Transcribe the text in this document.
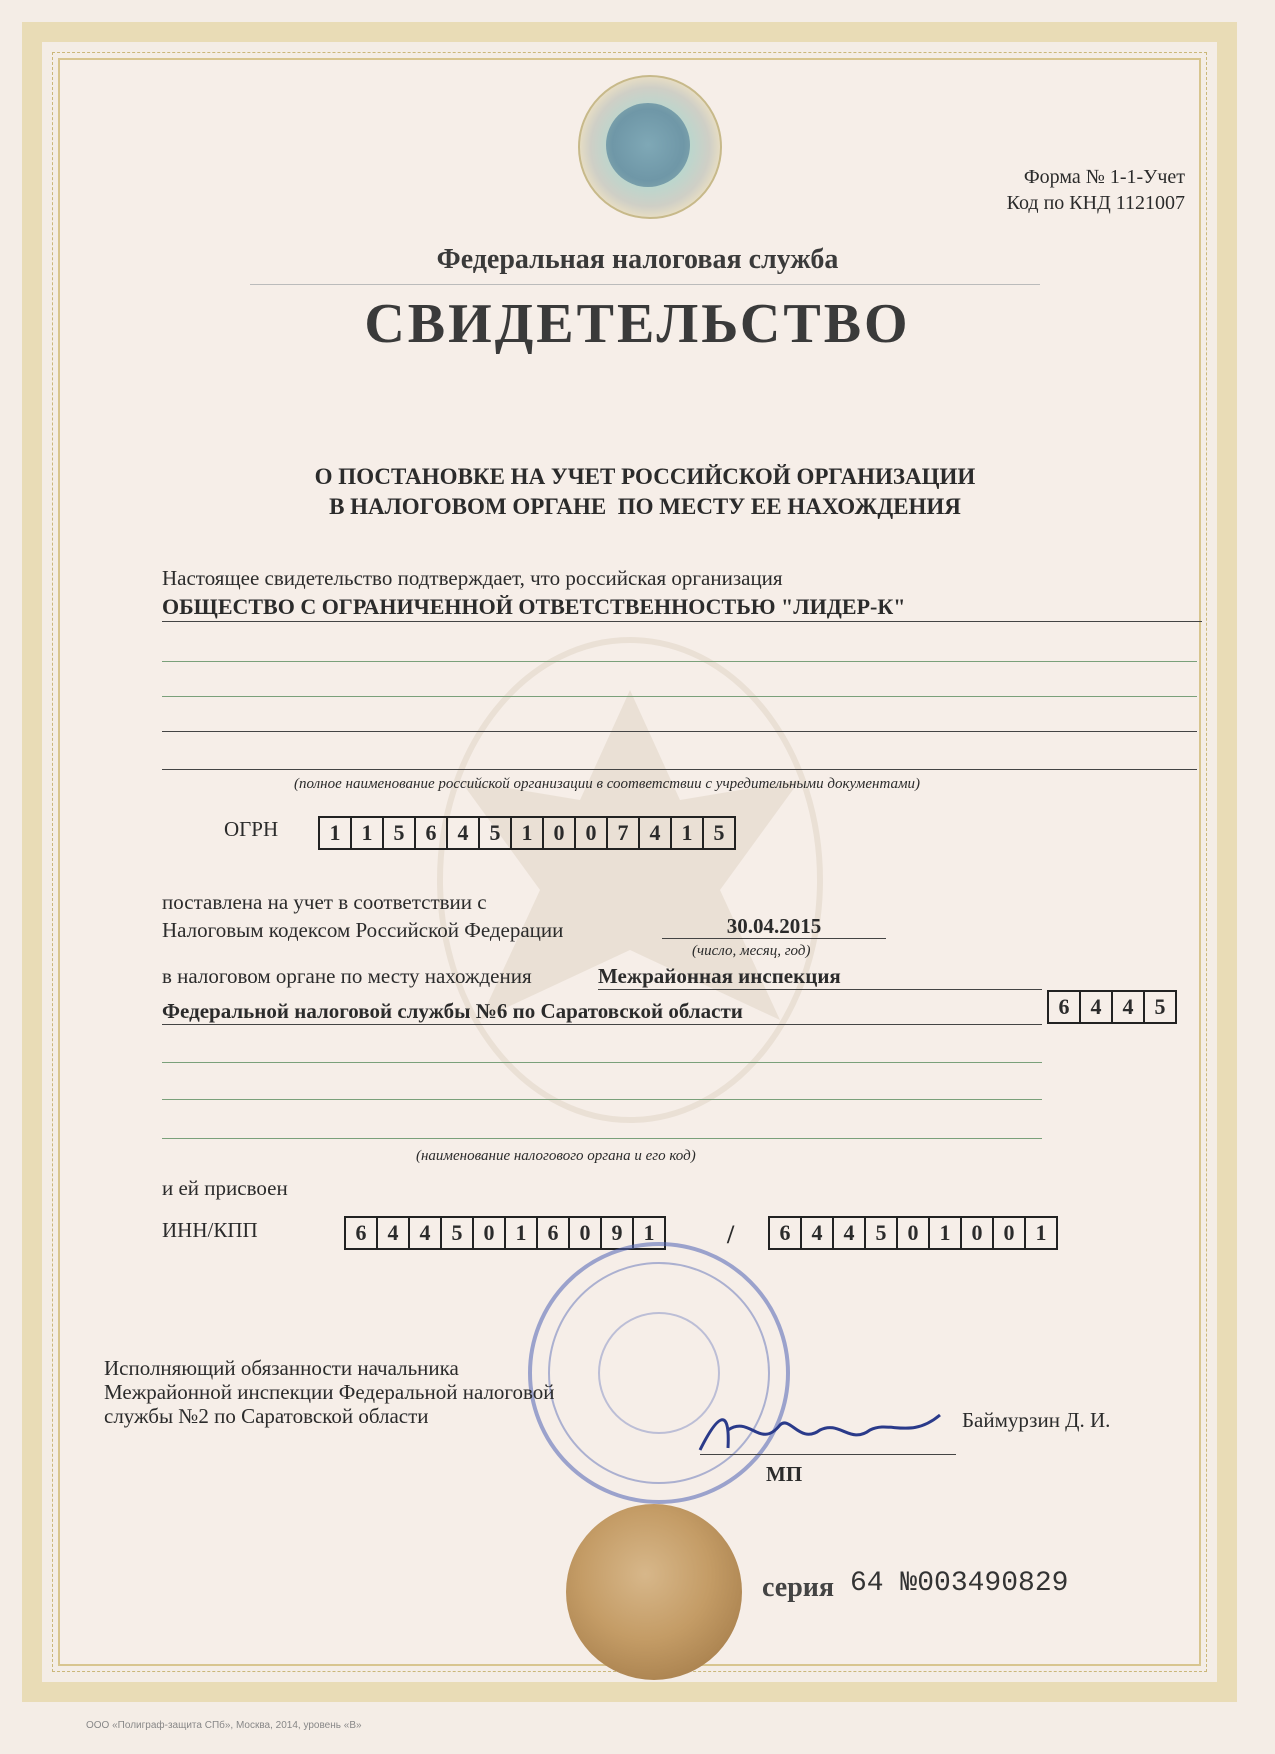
Форма № 1-1-Учет
Код по КНД 1121007
Федеральная налоговая служба
СВИДЕТЕЛЬСТВО
О ПОСТАНОВКЕ НА УЧЕТ РОССИЙСКОЙ ОРГАНИЗАЦИИ
В НАЛОГОВОМ ОРГАНЕ  ПО МЕСТУ ЕЕ НАХОЖДЕНИЯ
Настоящее свидетельство подтверждает, что российская организация
ОБЩЕСТВО С ОГРАНИЧЕННОЙ ОТВЕТСТВЕННОСТЬЮ "ЛИДЕР-К"
(полное наименование российской организации в соответствии с учредительными документами)
ОГРН	1 1 5 6 4 5 1 0 0 7 4 1 5
поставлена на учет в соответствии с
Налоговым кодексом Российской Федерации	30.04.2015
(число, месяц, год)
в налоговом органе по месту нахождения	Межрайонная инспекция
Федеральной налоговой службы №6 по Саратовской области	6 4 4 5
(наименование налогового органа и его код)
и ей присвоен
ИНН/КПП	6 4 4 5 0 1 6 0 9 1	/	6 4 4 5 0 1 0 0 1
Исполняющий обязанности начальника
Межрайонной инспекции Федеральной налоговой
службы №2 по Саратовской области	Баймурзин Д. И.
МП
серия 64 №003490829
ООО «Полиграф-защита СПб», Москва, 2014, уровень «В»
